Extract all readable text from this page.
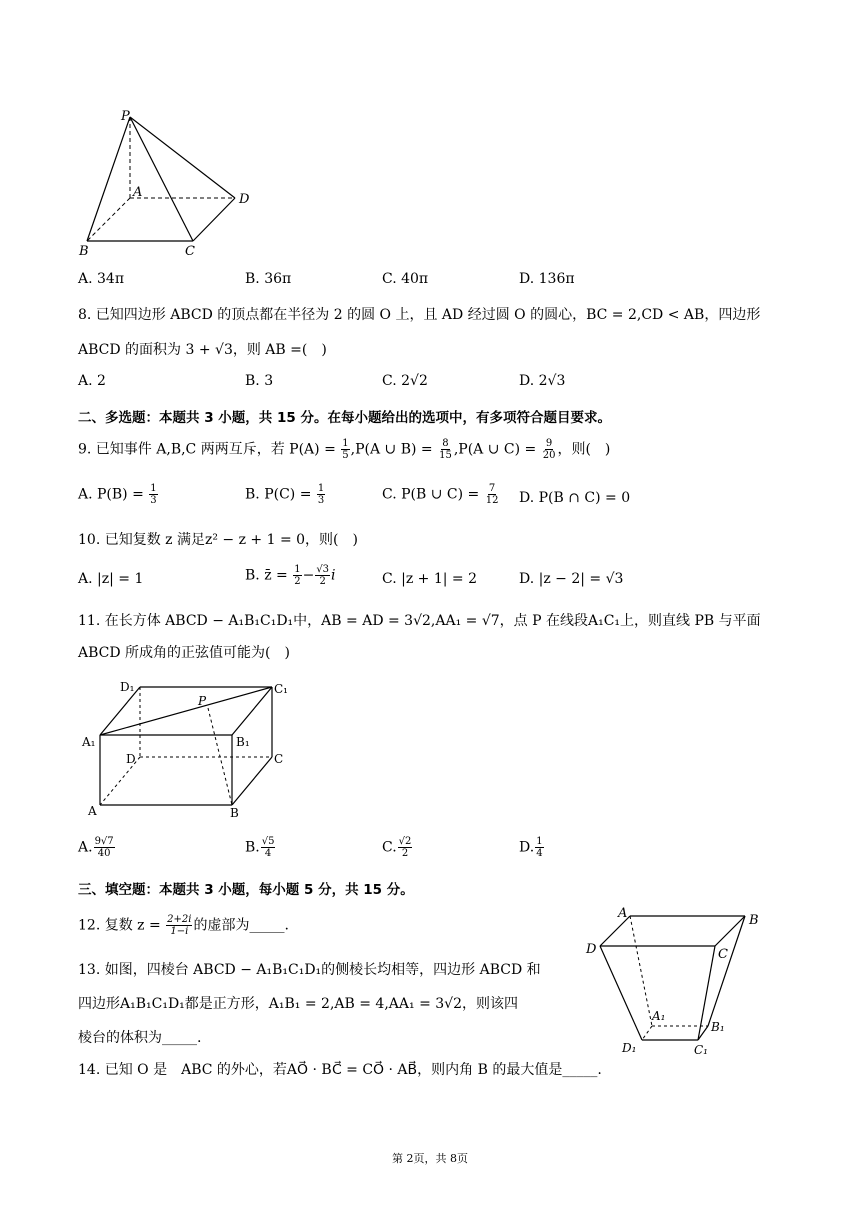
P
A	D
B	C
A. 34π	B. 36π	C. 40π	D. 136π
8. 已知四边形 ABCD 的顶点都在半径为 2 的圆 O 上，且 AD 经过圆 O 的圆心，BC = 2,CD < AB，四边形
ABCD 的面积为 3 + √3，则 AB =(　)
A. 2	B. 3	C. 2√2	D. 2√3
二、多选题：本题共 3 小题，共 15 分。在每小题给出的选项中，有多项符合题目要求。
9. 已知事件 A,B,C 两两互斥，若 $P(A) = \frac{1}{5} ,P(A$ ∪ $B) = \frac{8}{15} ,P(A$ ∪ $C) = \frac{9}{20}$ ，则(　)
A. $P(B) = \frac{1}{3}$	B. $P(C) = \frac{1}{3}$	C. P(B ∪ $C) = \frac{7}{12} D$. P(B ∩ C) = 0
10. 已知复数 z 满足z² − z + 1 = 0，则(　)
A. |z| = 1	B. z̄ = $\frac{1}{2} - \frac{√3}{2}$ i	C. |z + 1| = 2	D. |z − 2| = √3
11. 在长方体 ABCD − A₁B₁C₁D₁中，AB = AD = 3√2,AA₁ = √7，点 P 在线段A₁C₁上，则直线 PB 与平面
ABCD 所成角的正弦值可能为(　)
D₁	C₁
P
A₁	B₁
D	C
A	B
A. $\frac{9√7}{40}$	B. $\frac{√5}{4}$	C. $\frac{√2}{2}$	D. $\frac{1}{4}$
三、填空题：本题共 3 小题，每小题 5 分，共 15 分。
12. 复数 $z = \frac{2+2i}{1-i}$ 的虚部为_____.
13. 如图，四棱台 ABCD − A₁B₁C₁D₁的侧棱长均相等，四边形 ABCD 和
四边形A₁B₁C₁D₁都是正方形，A₁B₁ = 2,AB = 4,AA₁ = 3√2，则该四
棱台的体积为_____.
A	B
D	C
A₁
B₁
D₁	C₁
14. 已知 O 是　ABC 的外心，若AO⃗ · BC⃗ = CO⃗ · AB⃗，则内角 B 的最大值是_____.
第 2页，共 8页
